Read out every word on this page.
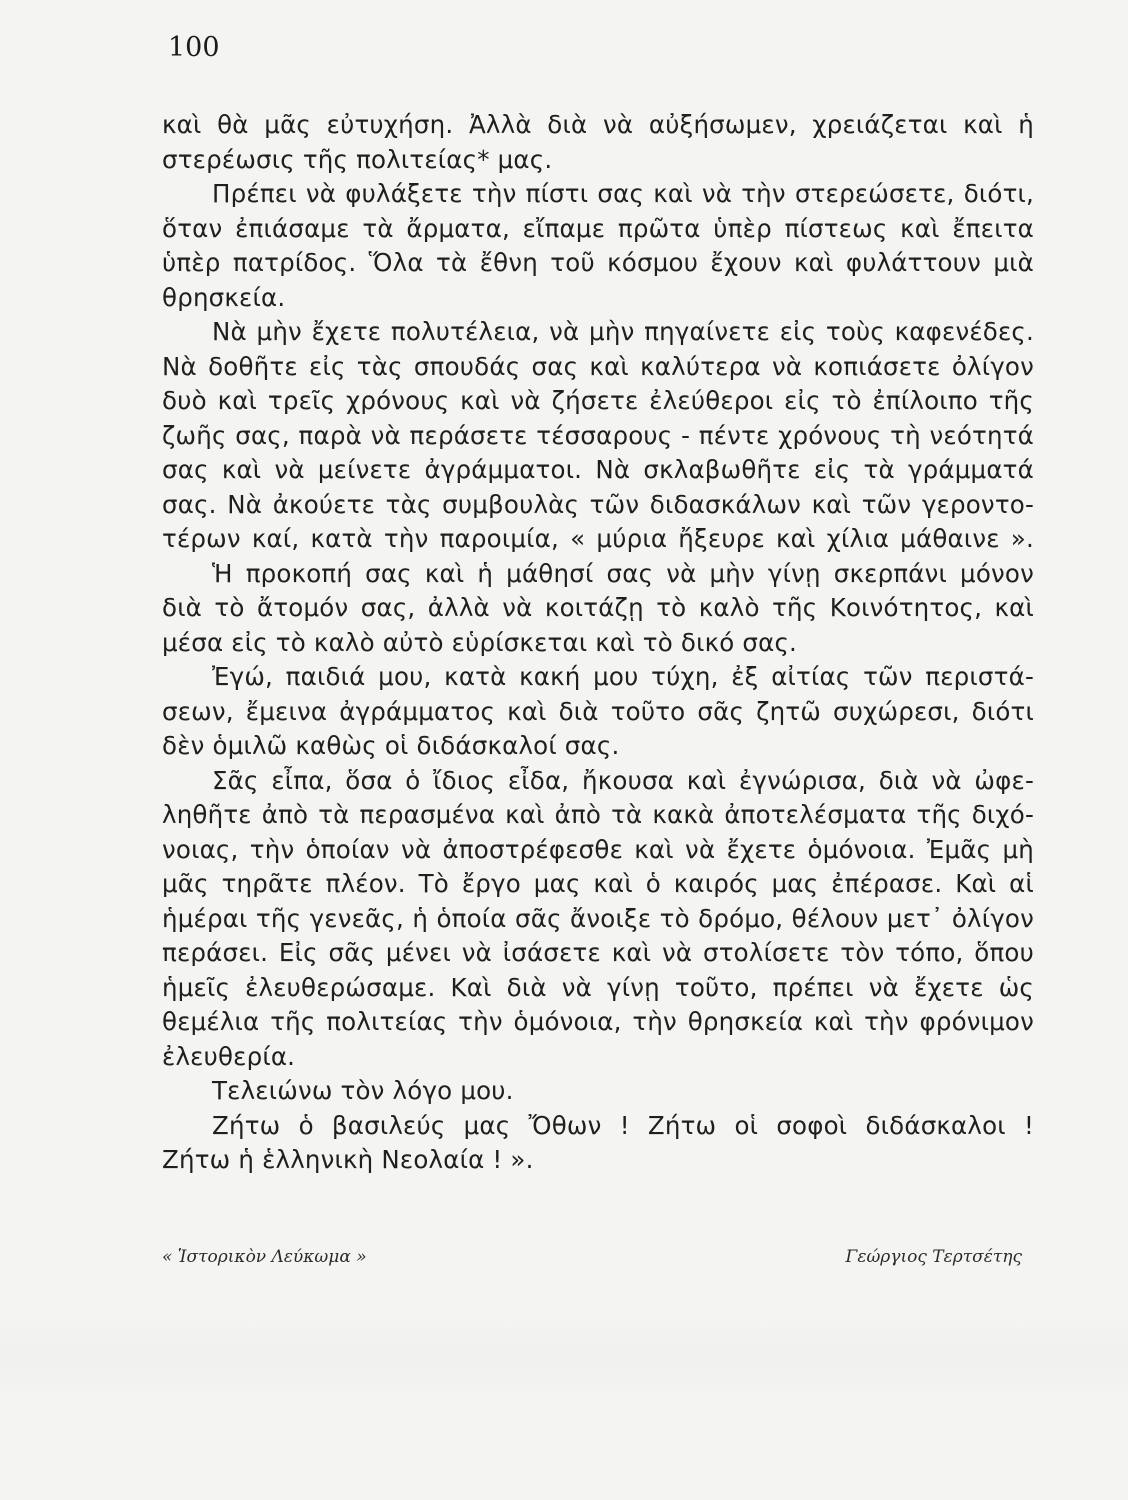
100
καὶ θὰ μᾶς εὐτυχήση. Ἀλλὰ διὰ νὰ αὐξήσωμεν, χρειάζεται καὶ ἡ
στερέωσις τῆς πολιτείας* μας.
Πρέπει νὰ φυλάξετε τὴν πίστι σας καὶ νὰ τὴν στερεώσετε, διότι,
ὅταν ἐπιάσαμε τὰ ἄρματα, εἴπαμε πρῶτα ὑπὲρ πίστεως καὶ ἔπειτα
ὑπὲρ πατρίδος. Ὅλα τὰ ἔθνη τοῦ κόσμου ἔχουν καὶ φυλάττουν μιὰ
θρησκεία.
Νὰ μὴν ἔχετε πολυτέλεια, νὰ μὴν πηγαίνετε εἰς τοὺς καφενέδες.
Νὰ δοθῆτε εἰς τὰς σπουδάς σας καὶ καλύτερα νὰ κοπιάσετε ὀλίγον
δυὸ καὶ τρεῖς χρόνους καὶ νὰ ζήσετε ἐλεύθεροι εἰς τὸ ἐπίλοιπο τῆς
ζωῆς σας, παρὰ νὰ περάσετε τέσσαρους - πέντε χρόνους τὴ νεότητά
σας καὶ νὰ μείνετε ἀγράμματοι. Νὰ σκλαβωθῆτε εἰς τὰ γράμματά
σας. Νὰ ἀκούετε τὰς συμβουλὰς τῶν διδασκάλων καὶ τῶν γεροντο-
τέρων καί, κατὰ τὴν παροιμία, « μύρια ἤξευρε καὶ χίλια μάθαινε ».
Ἡ προκοπή σας καὶ ἡ μάθησί σας νὰ μὴν γίνῃ σκερπάνι μόνον
διὰ τὸ ἄτομόν σας, ἀλλὰ νὰ κοιτάζῃ τὸ καλὸ τῆς Κοινότητος, καὶ
μέσα εἰς τὸ καλὸ αὐτὸ εὑρίσκεται καὶ τὸ δικό σας.
Ἐγώ, παιδιά μου, κατὰ κακή μου τύχη, ἐξ αἰτίας τῶν περιστά-
σεων, ἔμεινα ἀγράμματος καὶ διὰ τοῦτο σᾶς ζητῶ συχώρεσι, διότι
δὲν ὁμιλῶ καθὼς οἱ διδάσκαλοί σας.
Σᾶς εἶπα, ὅσα ὁ ἴδιος εἶδα, ἤκουσα καὶ ἐγνώρισα, διὰ νὰ ὠφε-
ληθῆτε ἀπὸ τὰ περασμένα καὶ ἀπὸ τὰ κακὰ ἀποτελέσματα τῆς διχό-
νοιας, τὴν ὁποίαν νὰ ἀποστρέφεσθε καὶ νὰ ἔχετε ὁμόνοια. Ἐμᾶς μὴ
μᾶς τηρᾶτε πλέον. Τὸ ἔργο μας καὶ ὁ καιρός μας ἐπέρασε. Καὶ αἱ
ἡμέραι τῆς γενεᾶς, ἡ ὁποία σᾶς ἄνοιξε τὸ δρόμο, θέλουν μετ᾽ ὀλίγον
περάσει. Εἰς σᾶς μένει νὰ ἰσάσετε καὶ νὰ στολίσετε τὸν τόπο, ὅπου
ἡμεῖς ἐλευθερώσαμε. Καὶ διὰ νὰ γίνῃ τοῦτο, πρέπει νὰ ἔχετε ὡς
θεμέλια τῆς πολιτείας τὴν ὁμόνοια, τὴν θρησκεία καὶ τὴν φρόνιμον
ἐλευθερία.
Τελειώνω τὸν λόγο μου.
Ζήτω ὁ βασιλεύς μας Ὄθων ! Ζήτω οἱ σοφοὶ διδάσκαλοι !
Ζήτω ἡ ἑλληνικὴ Νεολαία ! ».
« Ἱστορικὸν Λεύκωμα »	Γεώργιος Τερτσέτης
